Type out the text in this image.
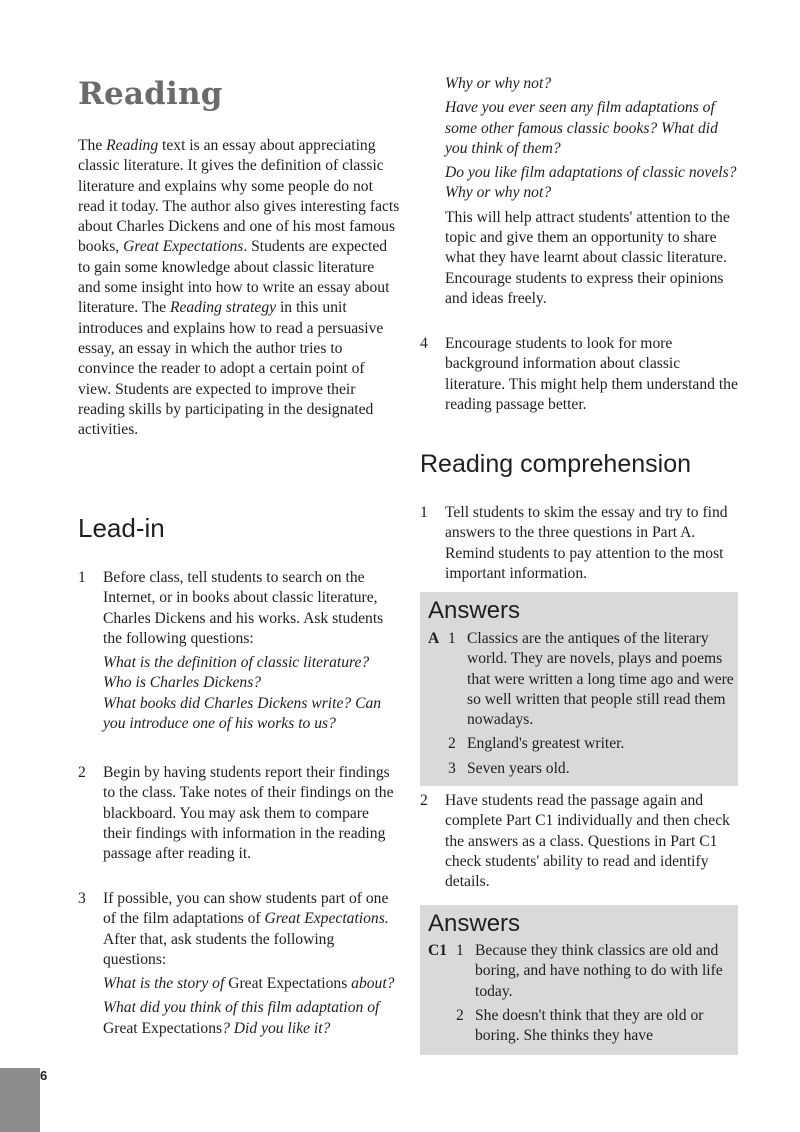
Reading

The Reading text is an essay about appreciating classic literature. It gives the definition of classic literature and explains why some people do not read it today. The author also gives interesting facts about Charles Dickens and one of his most famous books, Great Expectations. Students are expected to gain some knowledge about classic literature and some insight into how to write an essay about literature. The Reading strategy in this unit introduces and explains how to read a persuasive essay, an essay in which the author tries to convince the reader to adopt a certain point of view. Students are expected to improve their reading skills by participating in the designated activities.

Lead-in
1	Before class, tell students to search on the Internet, or in books about classic literature, Charles Dickens and his works. Ask students the following questions:

What is the definition of classic literature?

Who is Charles Dickens?

What books did Charles Dickens write? Can you introduce one of his works to us?

2	Begin by having students report their findings to the class. Take notes of their findings on the blackboard. You may ask them to compare their findings with information in the reading passage after reading it.

3	If possible, you can show students part of one of the film adaptations of Great Expectations. After that, ask students the following questions:

What is the story of Great Expectations about?

What did you think of this film adaptation of Great Expectations? Did you like it?

Why or why not?

Have you ever seen any film adaptations of some other famous classic books? What did you think of them?

Do you like film adaptations of classic novels? Why or why not?

This will help attract students' attention to the topic and give them an opportunity to share what they have learnt about classic literature. Encourage students to express their opinions and ideas freely.

4	Encourage students to look for more background information about classic literature. This might help them understand the reading passage better.

Reading comprehension
1	Tell students to skim the essay and try to find answers to the three questions in Part A. Remind students to pay attention to the most important information.

Answers
A 1 Classics are the antiques of the literary world. They are novels, plays and poems that were written a long time ago and were so well written that people still read them nowadays.
2 England's greatest writer.
3 Seven years old.
2	Have students read the passage again and complete Part C1 individually and then check the answers as a class. Questions in Part C1 check students' ability to read and identify details.

Answers
C1 1 Because they think classics are old and boring, and have nothing to do with life today.
2 She doesn't think that they are old or boring. She thinks they have
6
